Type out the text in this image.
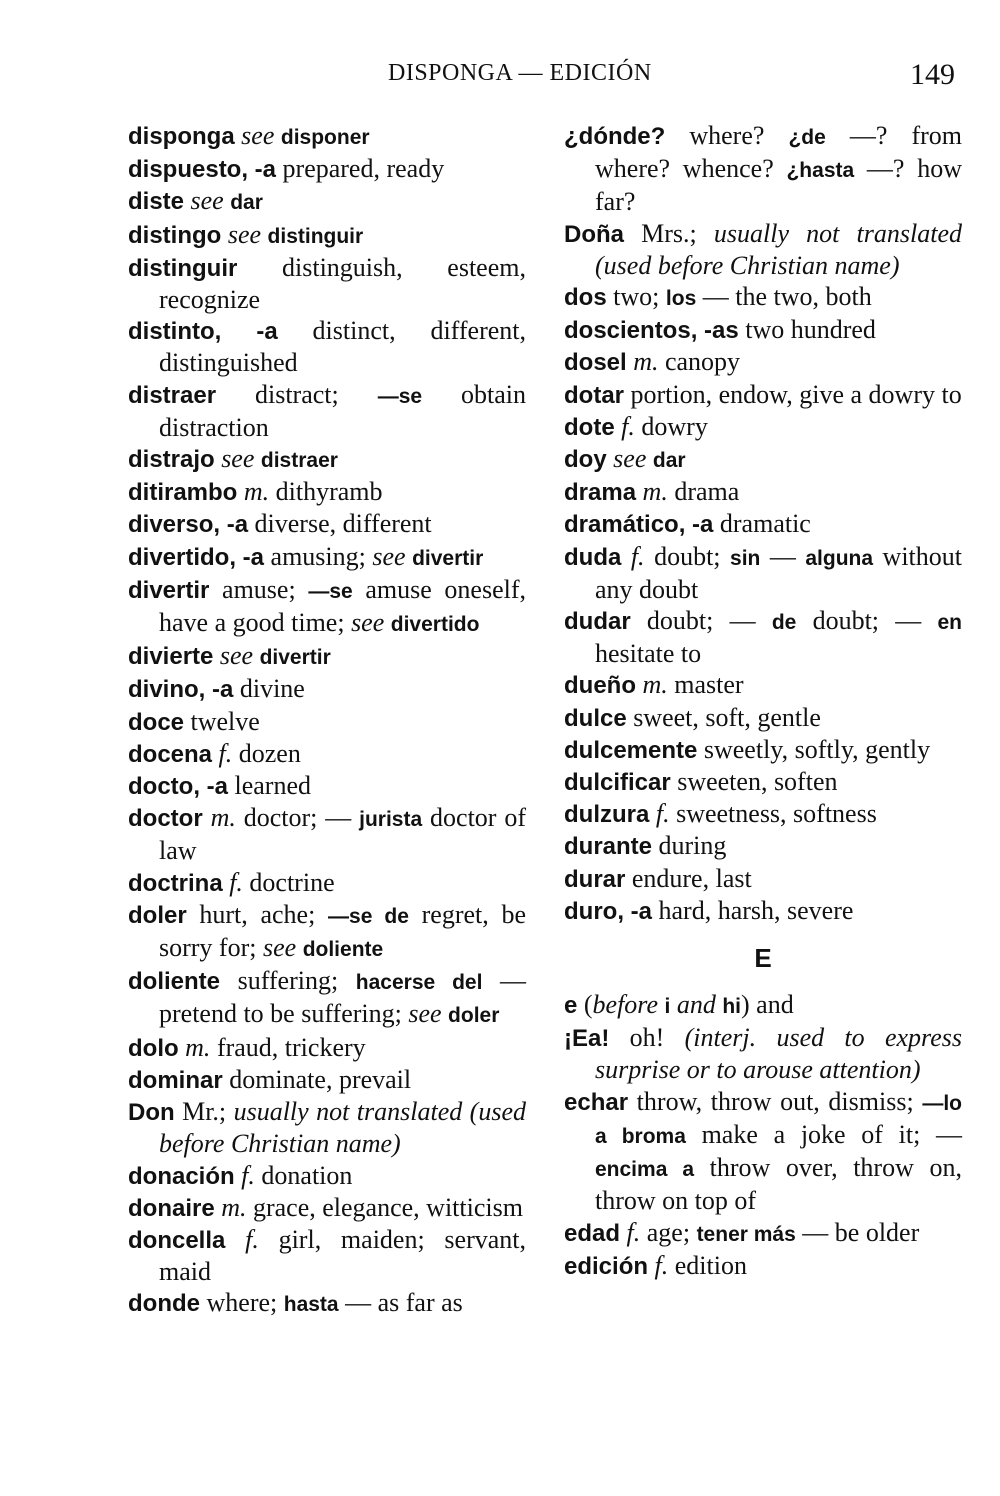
DISPONGA — EDICIÓN	149
disponga see disponer
dispuesto, -a prepared, ready
diste see dar
distingo see distinguir
distinguir distinguish, esteem, recognize
distinto, -a distinct, different, distinguished
distraer distract; —se obtain distraction
distrajo see distraer
ditirambo m. dithyramb
diverso, -a diverse, different
divertido, -a amusing; see divertir
divertir amuse; —se amuse oneself, have a good time; see divertido
divierte see divertir
divino, -a divine
doce twelve
docena f. dozen
docto, -a learned
doctor m. doctor; — jurista doctor of law
doctrina f. doctrine
doler hurt, ache; —se de regret, be sorry for; see doliente
doliente suffering; hacerse del — pretend to be suffering; see doler
dolo m. fraud, trickery
dominar dominate, prevail
Don Mr.; usually not translated (used before Christian name)
donación f. donation
donaire m. grace, elegance, witticism
doncella f. girl, maiden; servant, maid
donde where; hasta — as far as
¿dónde? where? ¿de —? from where? whence? ¿hasta —? how far?
Doña Mrs.; usually not translated (used before Christian name)
dos two; los — the two, both
doscientos, -as two hundred
dosel m. canopy
dotar portion, endow, give a dowry to
dote f. dowry
doy see dar
drama m. drama
dramático, -a dramatic
duda f. doubt; sin — alguna without any doubt
dudar doubt; — de doubt; — en hesitate to
dueño m. master
dulce sweet, soft, gentle
dulcemente sweetly, softly, gently
dulcificar sweeten, soften
dulzura f. sweetness, softness
durante during
durar endure, last
duro, -a hard, harsh, severe
E
e (before i and hi) and
¡Ea! oh! (interj. used to express surprise or to arouse attention)
echar throw, throw out, dismiss; —lo a broma make a joke of it; — encima a throw over, throw on, throw on top of
edad f. age; tener más — be older
edición f. edition
